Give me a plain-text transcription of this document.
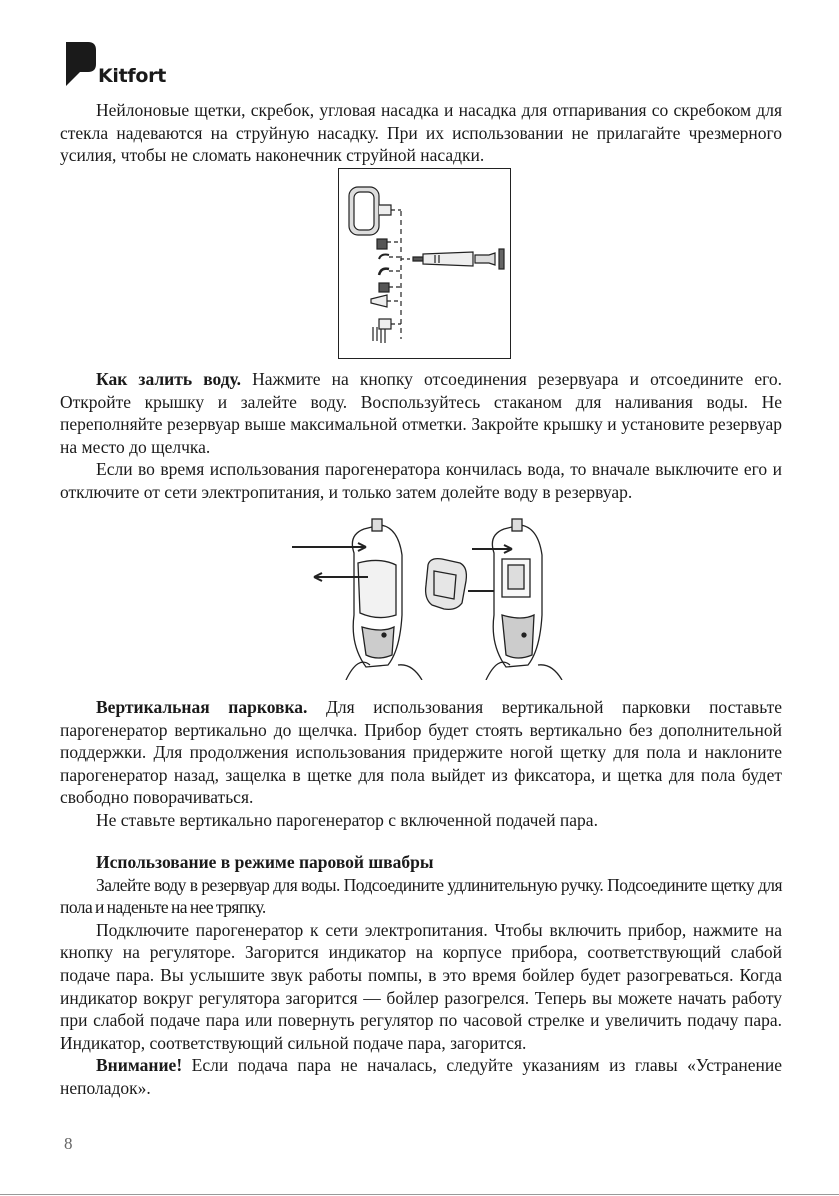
Kitfort

Нейлоновые щетки, скребок, угловая насадка и насадка для отпаривания со скребоком для стекла надеваются на струйную насадку. При их использовании не прилагайте чрезмерного усилия, чтобы не сломать наконечник струйной насадки.

Как залить воду. Нажмите на кнопку отсоединения резервуара и отсоедините его. Откройте крышку и залейте воду. Воспользуйтесь стаканом для наливания воды. Не переполняйте резервуар выше максимальной отметки. Закройте крышку и установите резервуар на место до щелчка.

Если во время использования парогенератора кончилась вода, то вначале выключите его и отключите от сети электропитания, и только затем долейте воду в резервуар.

Вертикальная парковка. Для использования вертикальной парковки поставьте парогенератор вертикально до щелчка. Прибор будет стоять вертикально без дополнительной поддержки. Для продолжения использования придержите ногой щетку для пола и наклоните парогенератор назад, защелка в щетке для пола выйдет из фиксатора, и щетка для пола будет свободно поворачиваться.

Не ставьте вертикально парогенератор с включенной подачей пара.

Использование в режиме паровой швабры

Залейте воду в резервуар для воды. Подсоедините удлинительную ручку. Подсоедините щетку для пола и наденьте на нее тряпку.

Подключите парогенератор к сети электропитания. Чтобы включить прибор, нажмите на кнопку на регуляторе. Загорится индикатор на корпусе прибора, соответствующий слабой подаче пара. Вы услышите звук работы помпы, в это время бойлер будет разогреваться. Когда индикатор вокруг регулятора загорится — бойлер разогрелся. Теперь вы можете начать работу при слабой подаче пара или повернуть регулятор по часовой стрелке и увеличить подачу пара. Индикатор, соответствующий сильной подаче пара, загорится.

Внимание! Если подача пара не началась, следуйте указаниям из главы «Устранение неполадок».

8
